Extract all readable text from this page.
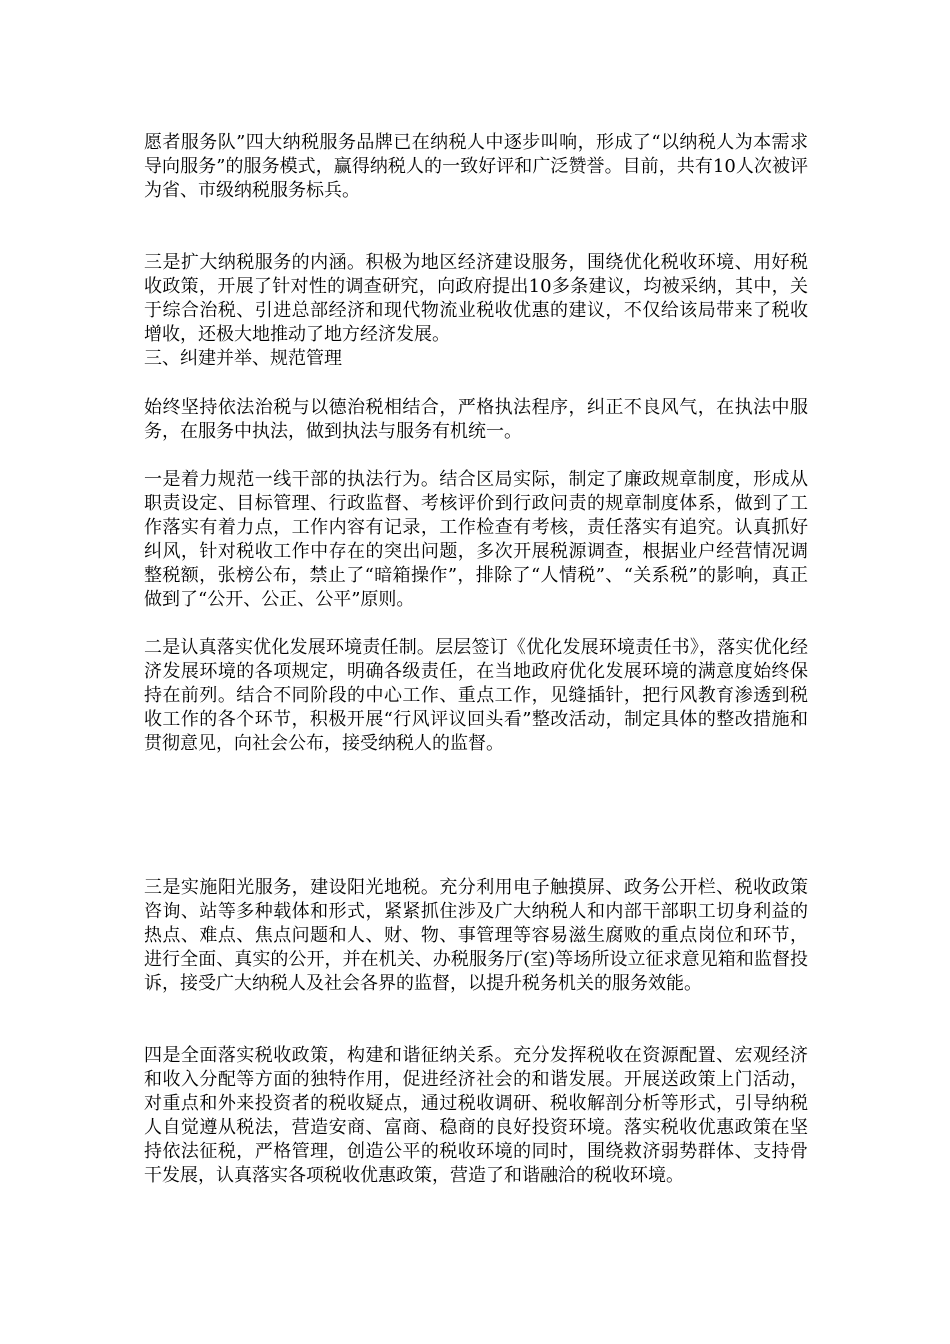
愿者服务队”四大纳税服务品牌已在纳税人中逐步叫响，形成了“以纳税人为本需求导向服务”的服务模式，赢得纳税人的一致好评和广泛赞誉。目前，共有10人次被评为省、市级纳税服务标兵。

三是扩大纳税服务的内涵。积极为地区经济建设服务，围绕优化税收环境、用好税收政策，开展了针对性的调查研究，向政府提出10多条建议，均被采纳，其中，关于综合治税、引进总部经济和现代物流业税收优惠的建议，不仅给该局带来了税收增收，还极大地推动了地方经济发展。

三、纠建并举、规范管理

始终坚持依法治税与以德治税相结合，严格执法程序，纠正不良风气，在执法中服务，在服务中执法，做到执法与服务有机统一。

一是着力规范一线干部的执法行为。结合区局实际，制定了廉政规章制度，形成从职责设定、目标管理、行政监督、考核评价到行政问责的规章制度体系，做到了工作落实有着力点，工作内容有记录，工作检查有考核，责任落实有追究。认真抓好纠风，针对税收工作中存在的突出问题，多次开展税源调查，根据业户经营情况调整税额，张榜公布，禁止了“暗箱操作”，排除了“人情税”、“关系税”的影响，真正做到了“公开、公正、公平”原则。

二是认真落实优化发展环境责任制。层层签订《优化发展环境责任书》，落实优化经济发展环境的各项规定，明确各级责任，在当地政府优化发展环境的满意度始终保持在前列。结合不同阶段的中心工作、重点工作，见缝插针，把行风教育渗透到税收工作的各个环节，积极开展“行风评议回头看”整改活动，制定具体的整改措施和贯彻意见，向社会公布，接受纳税人的监督。

三是实施阳光服务，建设阳光地税。充分利用电子触摸屏、政务公开栏、税收政策咨询、站等多种载体和形式，紧紧抓住涉及广大纳税人和内部干部职工切身利益的热点、难点、焦点问题和人、财、物、事管理等容易滋生腐败的重点岗位和环节，进行全面、真实的公开，并在机关、办税服务厅(室)等场所设立征求意见箱和监督投诉，接受广大纳税人及社会各界的监督，以提升税务机关的服务效能。

四是全面落实税收政策，构建和谐征纳关系。充分发挥税收在资源配置、宏观经济和收入分配等方面的独特作用，促进经济社会的和谐发展。开展送政策上门活动，对重点和外来投资者的税收疑点，通过税收调研、税收解剖分析等形式，引导纳税人自觉遵从税法，营造安商、富商、稳商的良好投资环境。落实税收优惠政策在坚持依法征税，严格管理，创造公平的税收环境的同时，围绕救济弱势群体、支持骨干发展，认真落实各项税收优惠政策，营造了和谐融洽的税收环境。
